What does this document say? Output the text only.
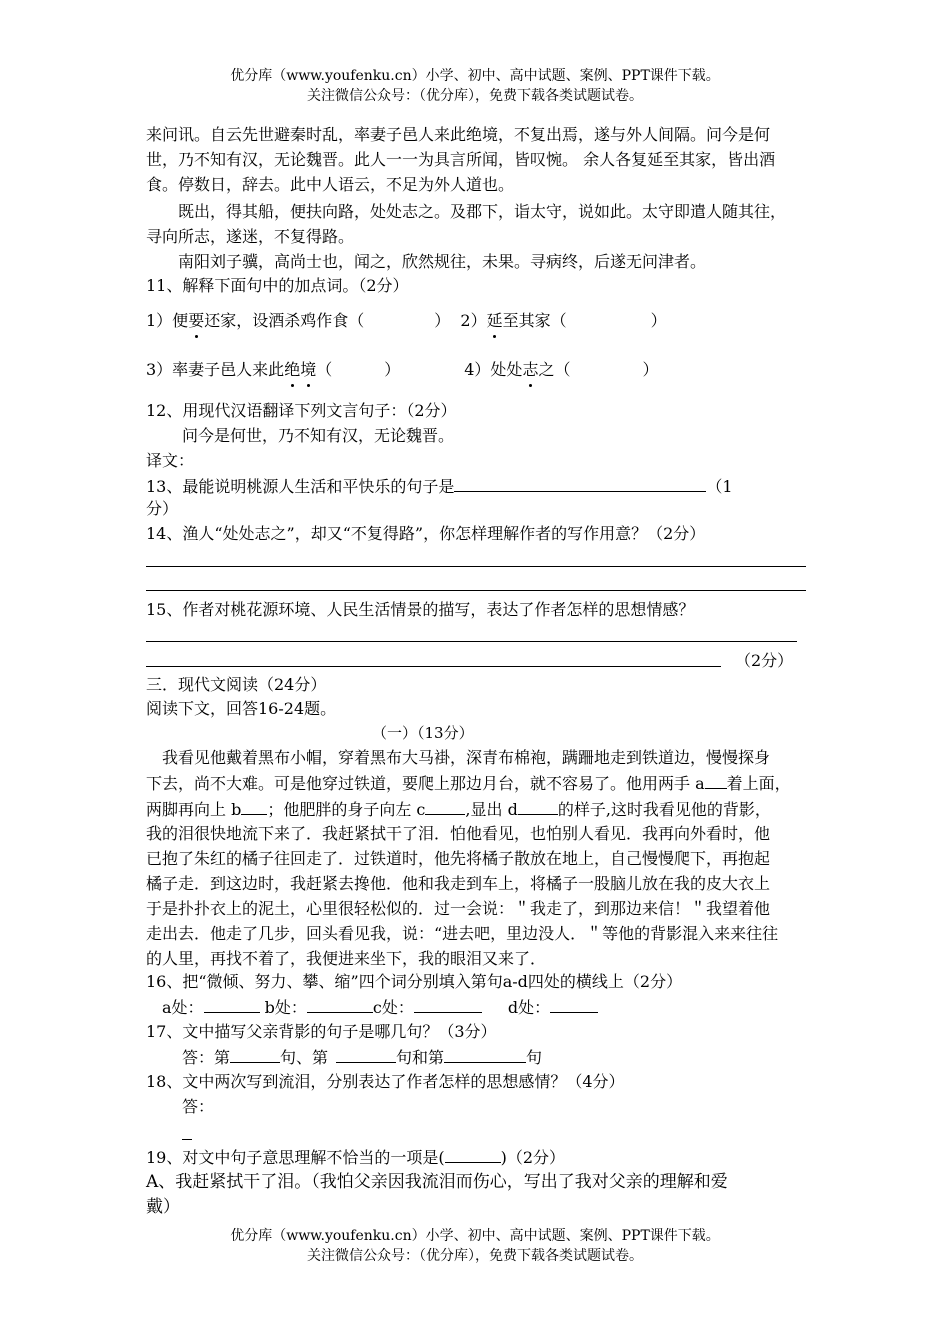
优分库（www.youfenku.cn）小学、初中、高中试题、案例、PPT课件下载。
关注微信公众号：（优分库），免费下载各类试题试卷。
来问讯。自云先世避秦时乱，率妻子邑人来此绝境，不复出焉，遂与外人间隔。问今是何
世，乃不知有汉，无论魏晋。此人一一为具言所闻，皆叹惋。 余人各复延至其家，皆出酒
食。停数日，辞去。此中人语云，不足为外人道也。
既出，得其船，便扶向路，处处志之。及郡下，诣太守，说如此。太守即遣人随其往，
寻向所志，遂迷，不复得路。
南阳刘子骥，高尚士也，闻之，欣然规往，未果。寻病终，后遂无问津者。
11、解释下面句中的加点词。（2分）
1）便要还家，设酒杀鸡作食（	）  2）延至其家（	）
3）率妻子邑人来此绝境（	）	4）处处志之（	）
12、用现代汉语翻译下列文言句子：（2分）
问今是何世，乃不知有汉，无论魏晋。
译文：
13、最能说明桃源人生活和平快乐的句子是	（1
分）
14、渔人“处处志之”，却又“不复得路”，你怎样理解作者的写作用意？（2分）
15、作者对桃花源环境、人民生活情景的描写，表达了作者怎样的思想情感？
（2分）
三．现代文阅读（24分）
阅读下文，回答16-24题。
（一）（13分）
我看见他戴着黑布小帽，穿着黑布大马褂，深青布棉袍，蹒跚地走到铁道边，慢慢探身
下去，尚不大难。可是他穿过铁道，要爬上那边月台，就不容易了。他用两手 a 着上面，
两脚再向上 b ；他肥胖的身子向左 c	,显出 d	的样子,这时我看见他的背影，
我的泪很快地流下来了．我赶紧拭干了泪．怕他看见，也怕别人看见．我再向外看时，他
已抱了朱红的橘子往回走了．过铁道时，他先将橘子散放在地上，自己慢慢爬下，再抱起
橘子走．到这边时，我赶紧去搀他．他和我走到车上，将橘子一股脑儿放在我的皮大衣上
于是扑扑衣上的泥土，心里很轻松似的．过一会说：＂我走了，到那边来信！＂我望着他
走出去．他走了几步，回头看见我，说：“进去吧，里边没人．＂等他的背影混入来来往往
的人里，再找不着了，我便进来坐下，我的眼泪又来了．
16、把“微倾、努力、攀、缩”四个词分别填入第句a-d四处的横线上（2分）
a处：	b处：	c处：	d处：
17、文中描写父亲背影的句子是哪几句？（3分）
答：第	句、第	句和第	句
18、文中两次写到流泪，分别表达了作者怎样的思想感情？（4分）
答：
19、对文中句子意思理解不恰当的一项是(	)（2分）
A、我赶紧拭干了泪。（我怕父亲因我流泪而伤心，写出了我对父亲的理解和爱
戴）
优分库（www.youfenku.cn）小学、初中、高中试题、案例、PPT课件下载。
关注微信公众号：（优分库），免费下载各类试题试卷。
